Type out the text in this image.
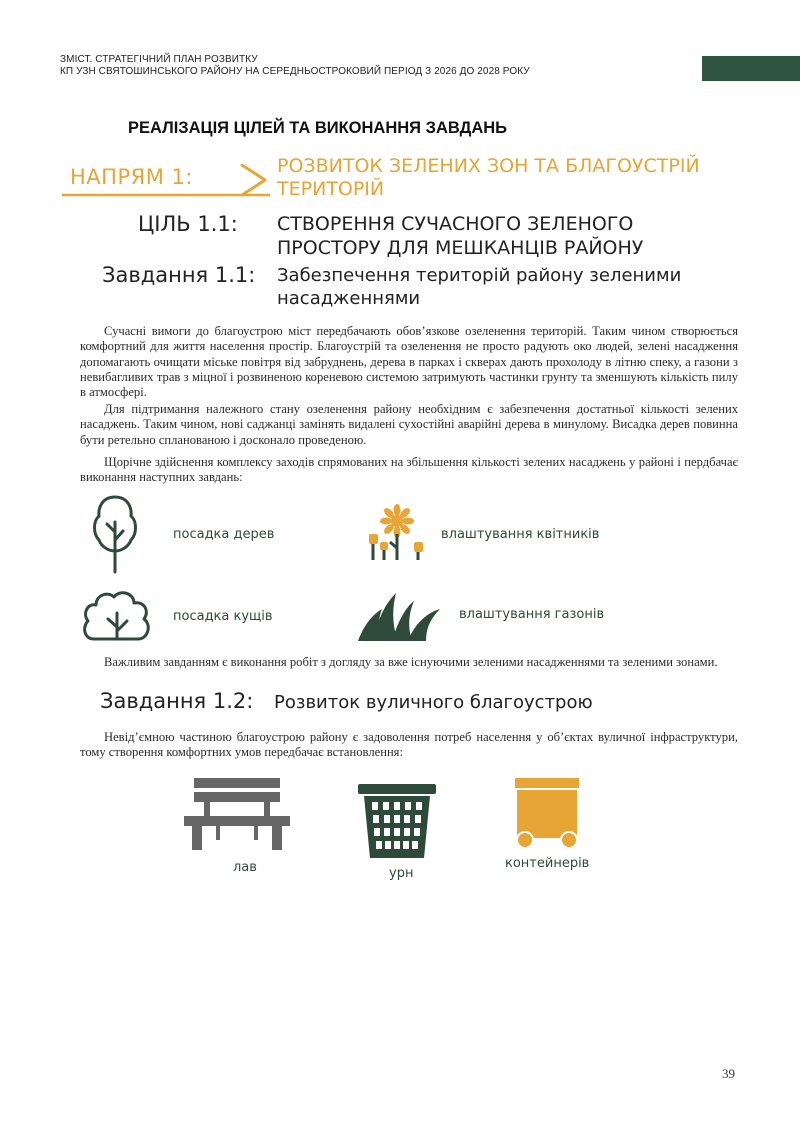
ЗМІСТ. СТРАТЕГІЧНИЙ ПЛАН РОЗВИТКУ
КП УЗН СВЯТОШИНСЬКОГО РАЙОНУ НА СЕРЕДНЬОСТРОКОВИЙ ПЕРІОД З 2026 ДО 2028 РОКУ
РЕАЛІЗАЦІЯ ЦІЛЕЙ ТА ВИКОНАННЯ ЗАВДАНЬ
НАПРЯМ 1:	РОЗВИТОК ЗЕЛЕНИХ ЗОН ТА БЛАГОУСТРІЙ ТЕРИТОРІЙ
ЦІЛЬ 1.1: СТВОРЕННЯ СУЧАСНОГО ЗЕЛЕНОГО ПРОСТОРУ ДЛЯ МЕШКАНЦІВ РАЙОНУ
Завдання 1.1: Забезпечення територій району зеленими насадженнями
Сучасні вимоги до благоустрою міст передбачають обов’язкове озеленення територій. Таким чином створюється комфортний для життя населення простір. Благоустрій та озеленення не просто радують око людей, зелені насадження допомагають очищати міське повітря від забруднень, дерева в парках і скверах дають прохолоду в літню спеку, а газони з невибагливих трав з міцної і розвиненою кореневою системою затримують частинки грунту та зменшують кількість пилу в атмосфері.
Для підтримання належного стану озеленення району необхідним є забезпечення достатньої кількості зелених насаджень. Таким чином, нові саджанці замінять видалені сухостійні аварійні дерева в минулому. Висадка дерев повинна бути ретельно спланованою і досконало проведеною.
Щорічне здійснення комплексу заходів спрямованих на збільшення кількості зелених насаджень у районі і пердбачає виконання наступних завдань:
посадка дерев	влаштування квітників
посадка кущів	влаштування газонів
Важливим завданням є виконання робіт з догляду за вже існуючими зеленими насадженнями та зеленими зонами.
Завдання 1.2: Розвиток вуличного благоустрою
Невід’ємною частиною благоустрою району є задоволення потреб населення у об’єктах вуличної інфраструктури, тому створення комфортних умов передбачає встановлення:
лав	урн
контейнерів
39
